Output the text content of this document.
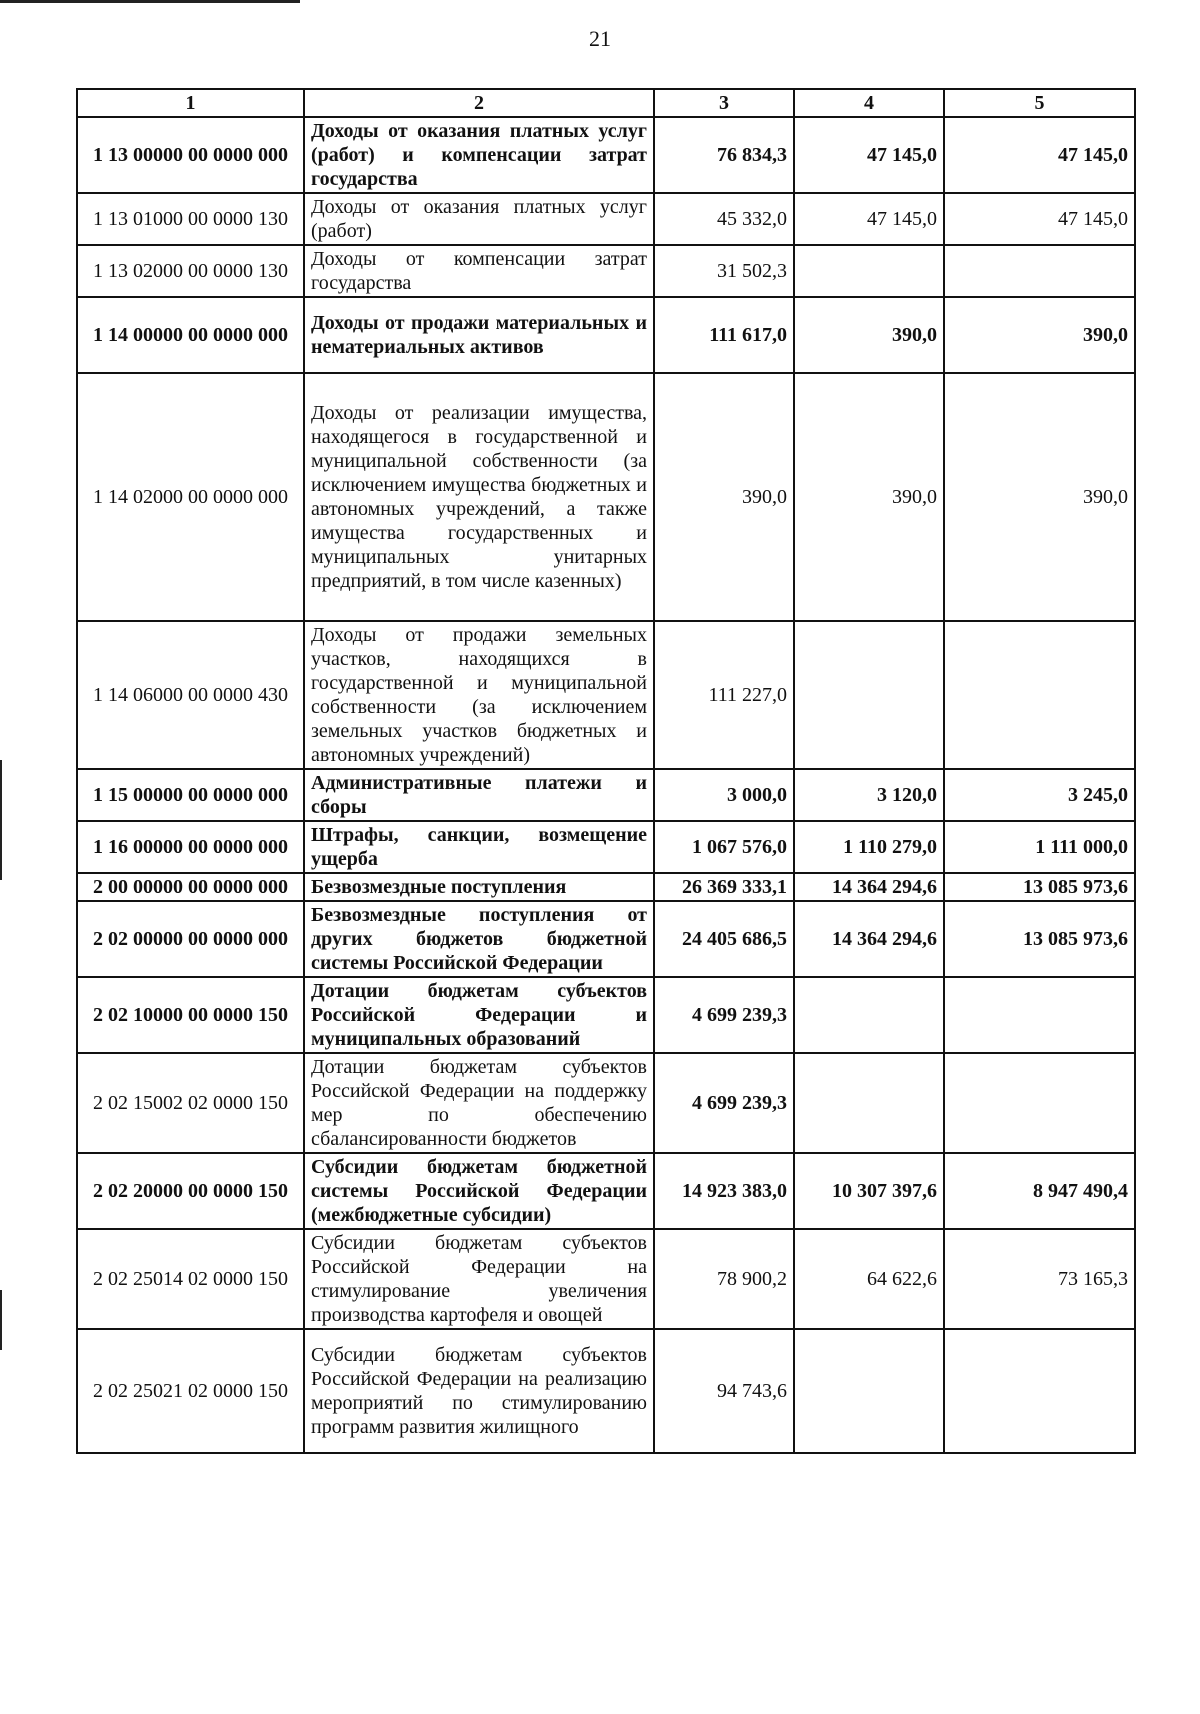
21
1	2	3	4	5
1 13 00000 00 0000 000	Доходы от оказания платных услуг (работ) и компенсации затрат государства	76 834,3	47 145,0	47 145,0
1 13 01000 00 0000 130	Доходы от оказания платных услуг (работ)	45 332,0	47 145,0	47 145,0
1 13 02000 00 0000 130	Доходы от компенсации затрат государства	31 502,3		
1 14 00000 00 0000 000	Доходы от продажи материальных и нематериальных активов	111 617,0	390,0	390,0
1 14 02000 00 0000 000	Доходы от реализации имущества, находящегося в государственной и муниципальной собственности (за исключением имущества бюджетных и автономных учреждений, а также имущества государственных и муниципальных унитарных предприятий, в том числе казенных)	390,0	390,0	390,0
1 14 06000 00 0000 430	Доходы от продажи земельных участков, находящихся в государственной и муниципальной собственности (за исключением земельных участков бюджетных и автономных учреждений)	111 227,0		
1 15 00000 00 0000 000	Административные платежи и сборы	3 000,0	3 120,0	3 245,0
1 16 00000 00 0000 000	Штрафы, санкции, возмещение ущерба	1 067 576,0	1 110 279,0	1 111 000,0
2 00 00000 00 0000 000	Безвозмездные поступления	26 369 333,1	14 364 294,6	13 085 973,6
2 02 00000 00 0000 000	Безвозмездные поступления от других бюджетов бюджетной системы Российской Федерации	24 405 686,5	14 364 294,6	13 085 973,6
2 02 10000 00 0000 150	Дотации бюджетам субъектов Российской Федерации и муниципальных образований	4 699 239,3		
2 02 15002 02 0000 150	Дотации бюджетам субъектов Российской Федерации на поддержку мер по обеспечению сбалансированности бюджетов	4 699 239,3		
2 02 20000 00 0000 150	Субсидии бюджетам бюджетной системы Российской Федерации (межбюджетные субсидии)	14 923 383,0	10 307 397,6	8 947 490,4
2 02 25014 02 0000 150	Субсидии бюджетам субъектов Российской Федерации на стимулирование увеличения производства картофеля и овощей	78 900,2	64 622,6	73 165,3
2 02 25021 02 0000 150	Субсидии бюджетам субъектов Российской Федерации на реализацию мероприятий по стимулированию программ развития жилищного	94 743,6		
